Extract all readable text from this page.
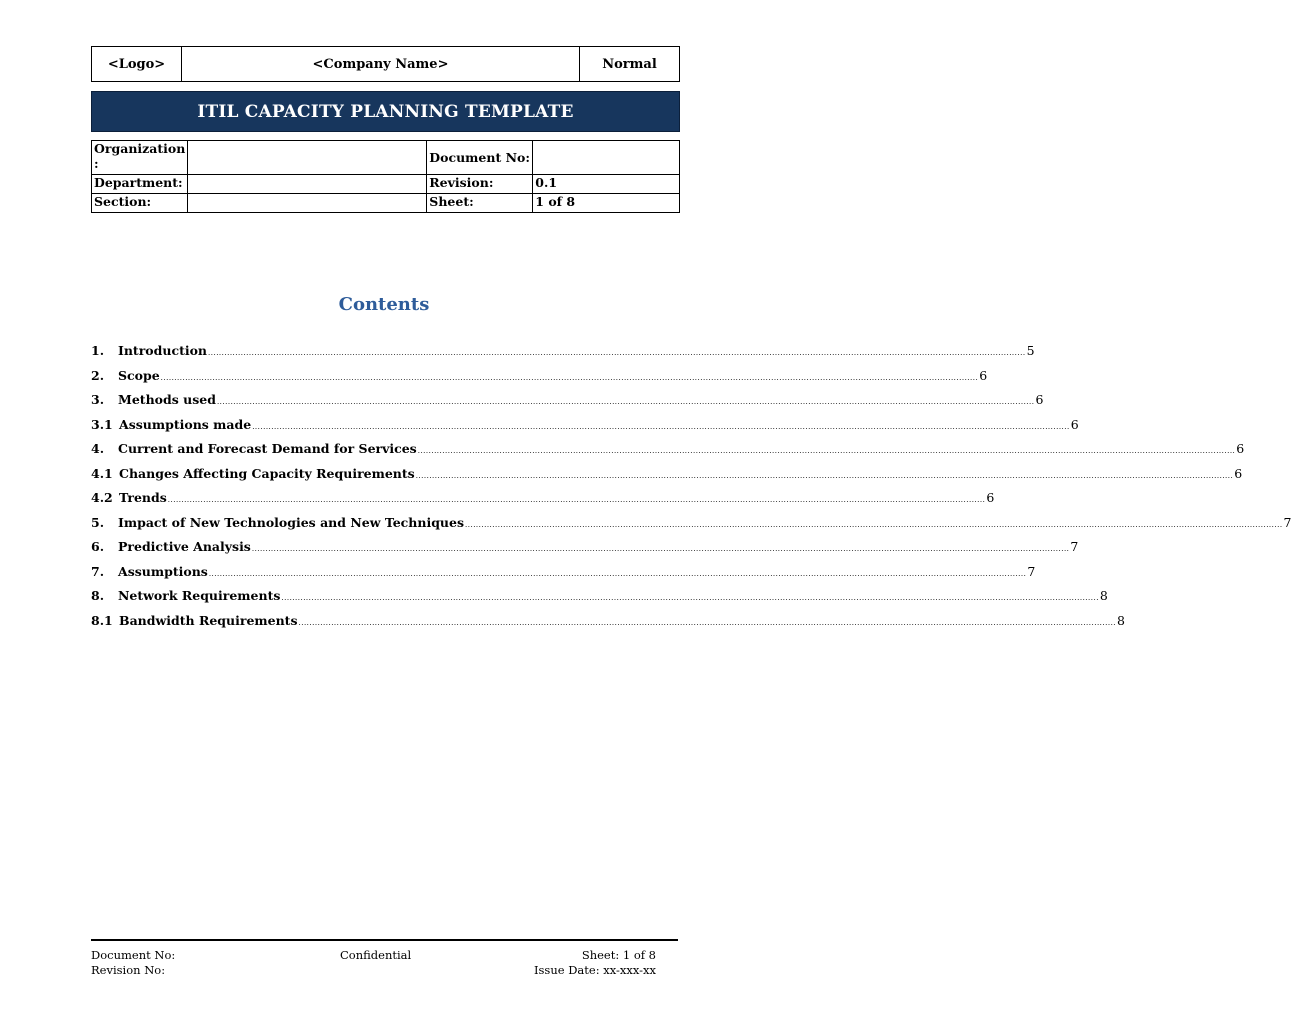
<Logo>	<Company Name>	Normal
ITIL CAPACITY PLANNING TEMPLATE
Organization
:		Document No:	
Department:		Revision:	0.1
Section:		Sheet:	1 of 8
Contents
1.	Introduction ............................................................................................................................................................................................................................................................................................................ 5
2.	Scope ............................................................................................................................................................................................................................................................................................................ 6
3.	Methods used ............................................................................................................................................................................................................................................................................................................ 6
3.1 Assumptions made ............................................................................................................................................................................................................................................................................................................ 6
4.	Current and Forecast Demand for Services ............................................................................................................................................................................................................................................................................................................ 6
4.1 Changes Affecting Capacity Requirements ............................................................................................................................................................................................................................................................................................................ 6
4.2 Trends ............................................................................................................................................................................................................................................................................................................ 6
5.	Impact of New Technologies and New Techniques ............................................................................................................................................................................................................................................................................................................ 7
6.	Predictive Analysis ............................................................................................................................................................................................................................................................................................................ 7
7.	Assumptions ............................................................................................................................................................................................................................................................................................................ 7
8.	Network Requirements ............................................................................................................................................................................................................................................................................................................ 8
8.1 Bandwidth Requirements ............................................................................................................................................................................................................................................................................................................ 8
Document No:
Revision No:
Confidential	Sheet: 1 of 8
Issue Date: xx-xxx-xx
